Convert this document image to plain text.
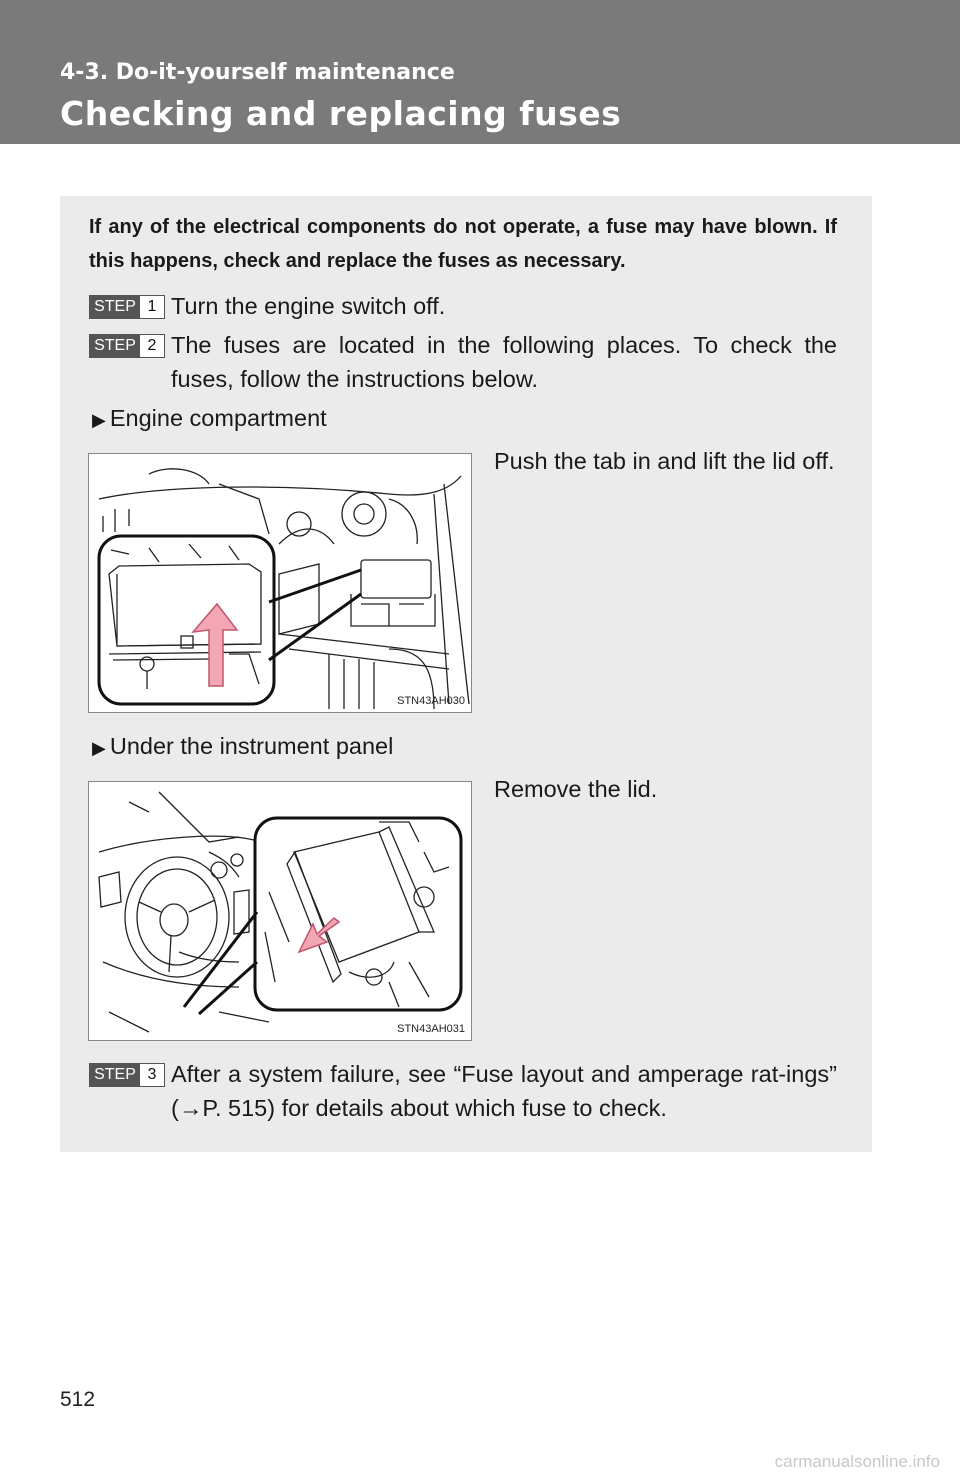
4-3. Do-it-yourself maintenance
Checking and replacing fuses
If any of the electrical components do not operate, a fuse may have blown. If this happens, check and replace the fuses as necessary.
STEP 1 Turn the engine switch off.
STEP 2 The fuses are located in the following places. To check the fuses, follow the instructions below.
▶ Engine compartment
STN43AH030
Push the tab in and lift the lid off.
▶ Under the instrument panel
STN43AH031
Remove the lid.
STEP 3 After a system failure, see “Fuse layout and amperage rat-ings” (→P. 515) for details about which fuse to check.
512
carmanualsonline.info
